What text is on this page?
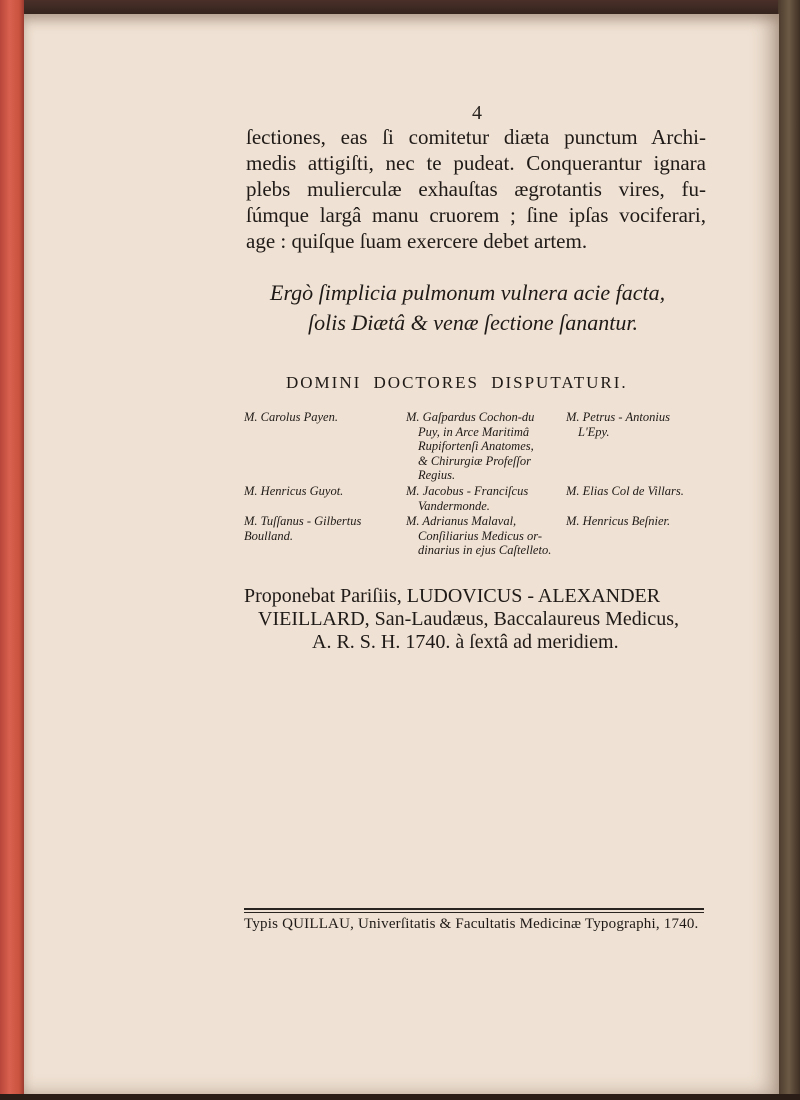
4
ſectiones, eas ſi comitetur diæta punctum Archi-
medis attigiſti, nec te pudeat. Conquerantur ignara
plebs mulierculæ exhauſtas ægrotantis vires, fu-
ſúmque largâ manu cruorem ; ſine ipſas vociferari,
age : quiſque ſuam exercere debet artem.
Ergò ſimplicia pulmonum vulnera acie facta,
ſolis Diætâ & venæ ſectione ſanantur.
DOMINI DOCTORES DISPUTATURI.
M. Carolus Payen.
M. Henricus Guyot.
M. Tuſſanus - Gilbertus
Boulland.
M. Gaſpardus Cochon-du
Puy, in Arce Maritimâ
Rupifortenſi Anatomes,
& Chirurgiæ Profeſſor
Regius.
M. Jacobus - Franciſcus
Vandermonde.
M. Adrianus Malaval,
Conſiliarius Medicus or-
dinarius in ejus Caſtelleto.
M. Petrus - Antonius
L'Epy.
M. Elias Col de Villars.
M. Henricus Beſnier.
Proponebat Pariſiis, LUDOVICUS - ALEXANDER
VIEILLARD, San-Laudæus, Baccalaureus Medicus,
A. R. S. H. 1740. à ſextâ ad meridiem.
Typis QUILLAU, Univerſitatis & Facultatis Medicinæ Typographi, 1740.
